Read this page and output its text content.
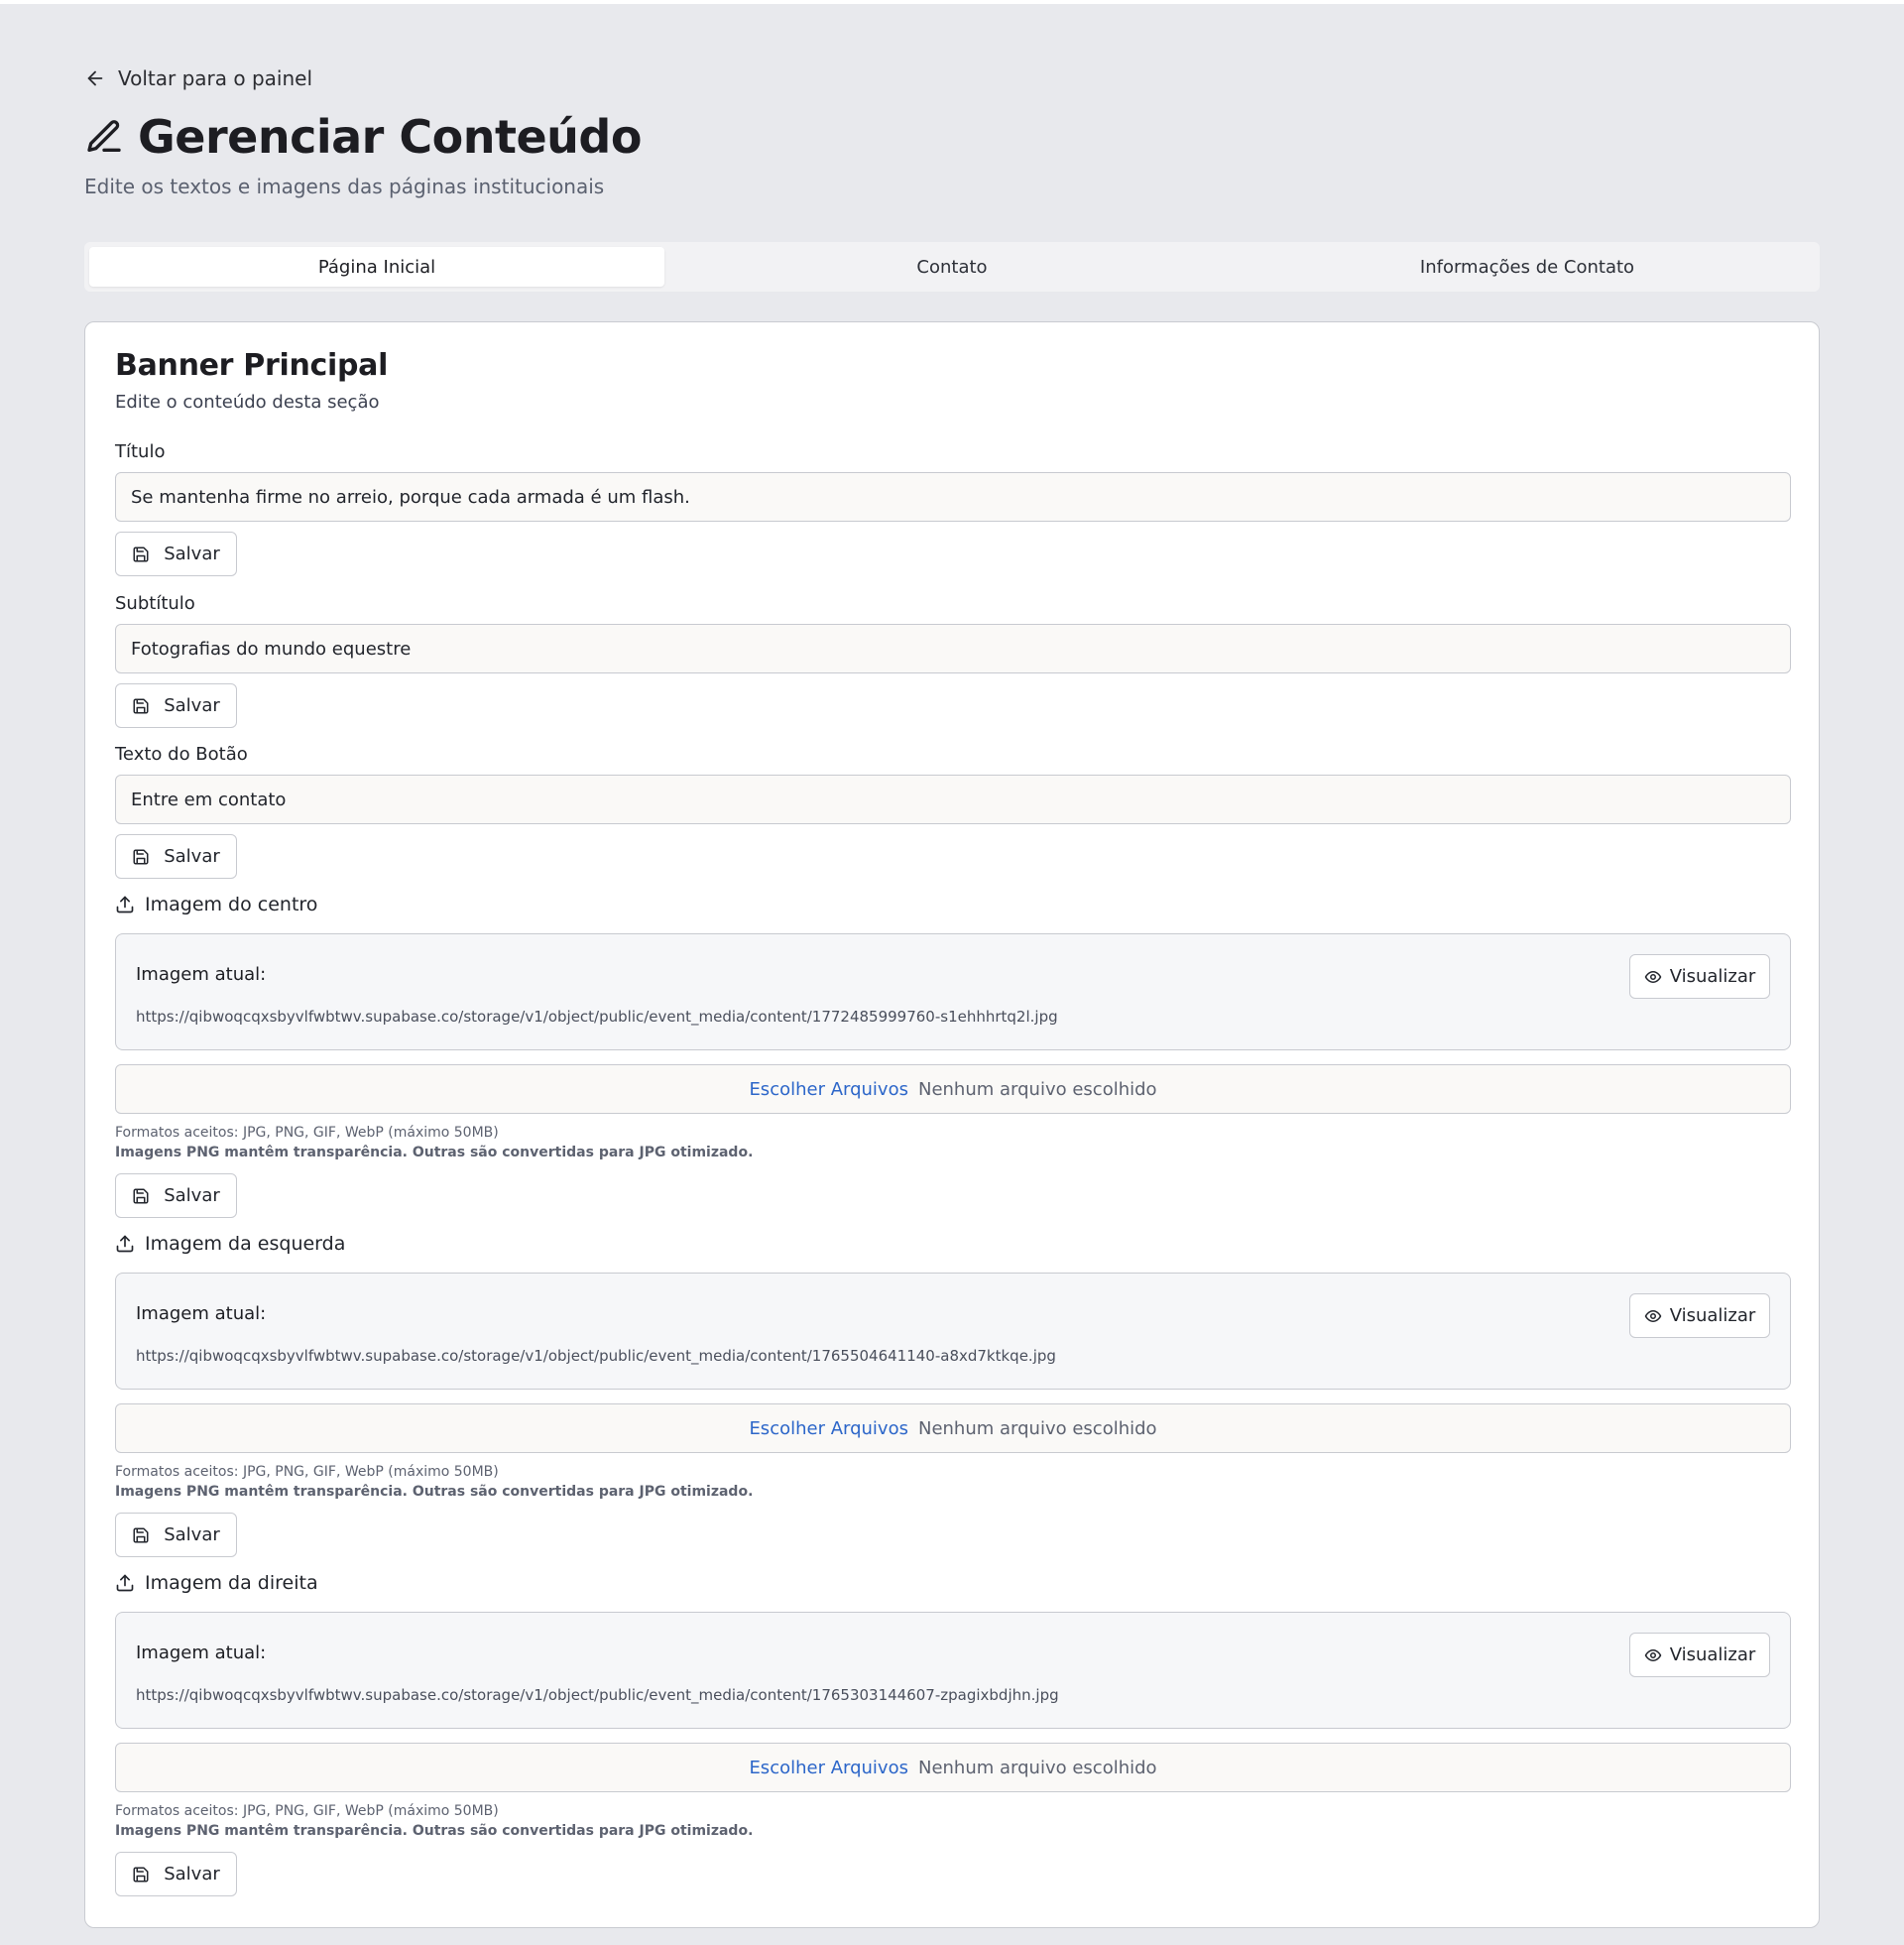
Voltar para o painel
Gerenciar Conteúdo
Edite os textos e imagens das páginas institucionais
Página Inicial	Contato	Informações de Contato
Banner Principal
Edite o conteúdo desta seção
Título
Se mantenha firme no arreio, porque cada armada é um flash.
Salvar
Subtítulo
Fotografias do mundo equestre
Salvar
Texto do Botão
Entre em contato
Salvar
Imagem do centro
Imagem atual:
https://qibwoqcqxsbyvlfwbtwv.supabase.co/storage/v1/object/public/event_media/content/1772485999760-s1ehhhrtq2l.jpg
Visualizar
Escolher Arquivos Nenhum arquivo escolhido
Formatos aceitos: JPG, PNG, GIF, WebP (máximo 50MB)
Imagens PNG mantêm transparência. Outras são convertidas para JPG otimizado.
Salvar
Imagem da esquerda
Imagem atual:
https://qibwoqcqxsbyvlfwbtwv.supabase.co/storage/v1/object/public/event_media/content/1765504641140-a8xd7ktkqe.jpg
Visualizar
Escolher Arquivos Nenhum arquivo escolhido
Formatos aceitos: JPG, PNG, GIF, WebP (máximo 50MB)
Imagens PNG mantêm transparência. Outras são convertidas para JPG otimizado.
Salvar
Imagem da direita
Imagem atual:
https://qibwoqcqxsbyvlfwbtwv.supabase.co/storage/v1/object/public/event_media/content/1765303144607-zpagixbdjhn.jpg
Visualizar
Escolher Arquivos Nenhum arquivo escolhido
Formatos aceitos: JPG, PNG, GIF, WebP (máximo 50MB)
Imagens PNG mantêm transparência. Outras são convertidas para JPG otimizado.
Salvar
